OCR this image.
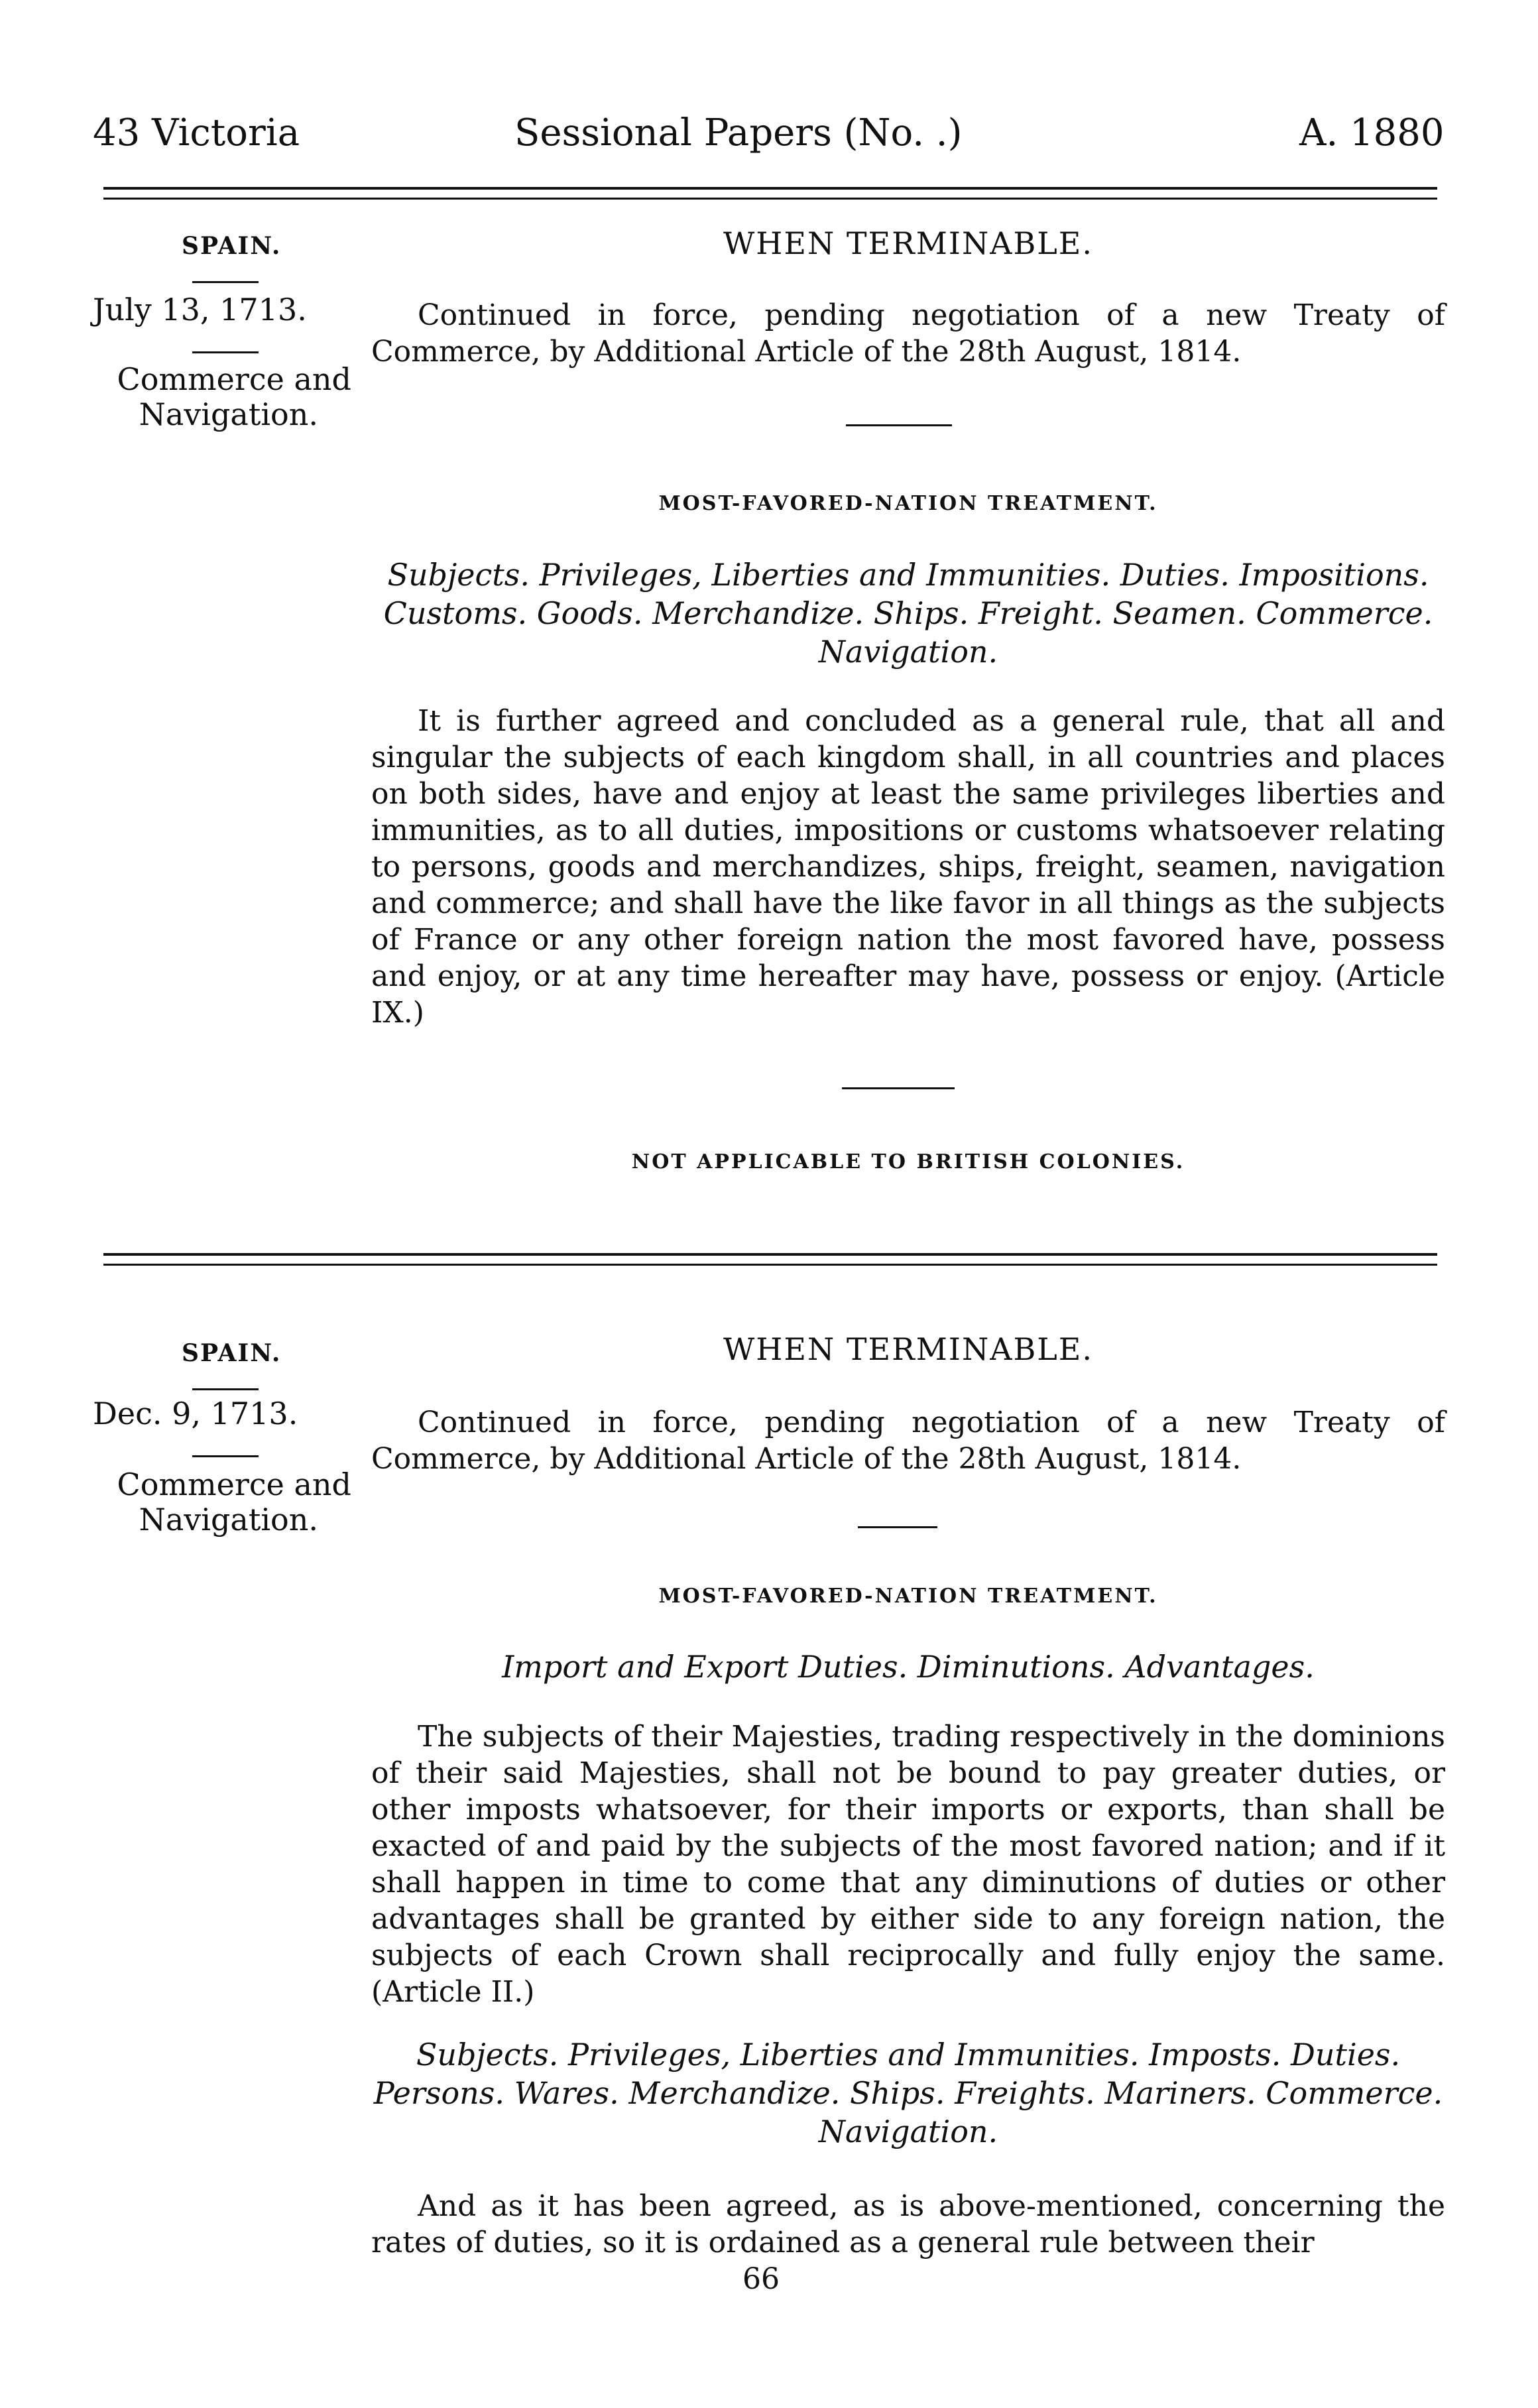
43 Victoria	Sessional Papers (No. .)	A. 1880
SPAIN.
July 13, 1713.
Commerce and
Navigation.
WHEN TERMINABLE.
Continued in force, pending negotiation of a new Treaty of Commerce, by Additional Article of the 28th August, 1814.
MOST-FAVORED-NATION TREATMENT.
Subjects. Privileges, Liberties and Immunities. Duties. Impositions. Customs. Goods. Merchandize. Ships. Freight. Seamen. Commerce. Navigation.
It is further agreed and concluded as a general rule, that all and singular the subjects of each kingdom shall, in all countries and places on both sides, have and enjoy at least the same privileges liberties and immunities, as to all duties, impositions or customs whatsoever relating to persons, goods and merchandizes, ships, freight, seamen, navigation and commerce; and shall have the like favor in all things as the subjects of France or any other foreign nation the most favored have, possess and enjoy, or at any time hereafter may have, possess or enjoy. (Article IX.)
NOT APPLICABLE TO BRITISH COLONIES.
SPAIN.
Dec. 9, 1713.
Commerce and
Navigation.
WHEN TERMINABLE.
Continued in force, pending negotiation of a new Treaty of Commerce, by Additional Article of the 28th August, 1814.
MOST-FAVORED-NATION TREATMENT.
Import and Export Duties. Diminutions. Advantages.
The subjects of their Majesties, trading respectively in the dominions of their said Majesties, shall not be bound to pay greater duties, or other imposts whatsoever, for their imports or exports, than shall be exacted of and paid by the subjects of the most favored nation; and if it shall happen in time to come that any diminutions of duties or other advantages shall be granted by either side to any foreign nation, the subjects of each Crown shall reciprocally and fully enjoy the same. (Article II.)
Subjects. Privileges, Liberties and Immunities. Imposts. Duties. Persons. Wares. Merchandize. Ships. Freights. Mariners. Commerce. Navigation.
And as it has been agreed, as is above-mentioned, concerning the rates of duties, so it is ordained as a general rule between their
66
